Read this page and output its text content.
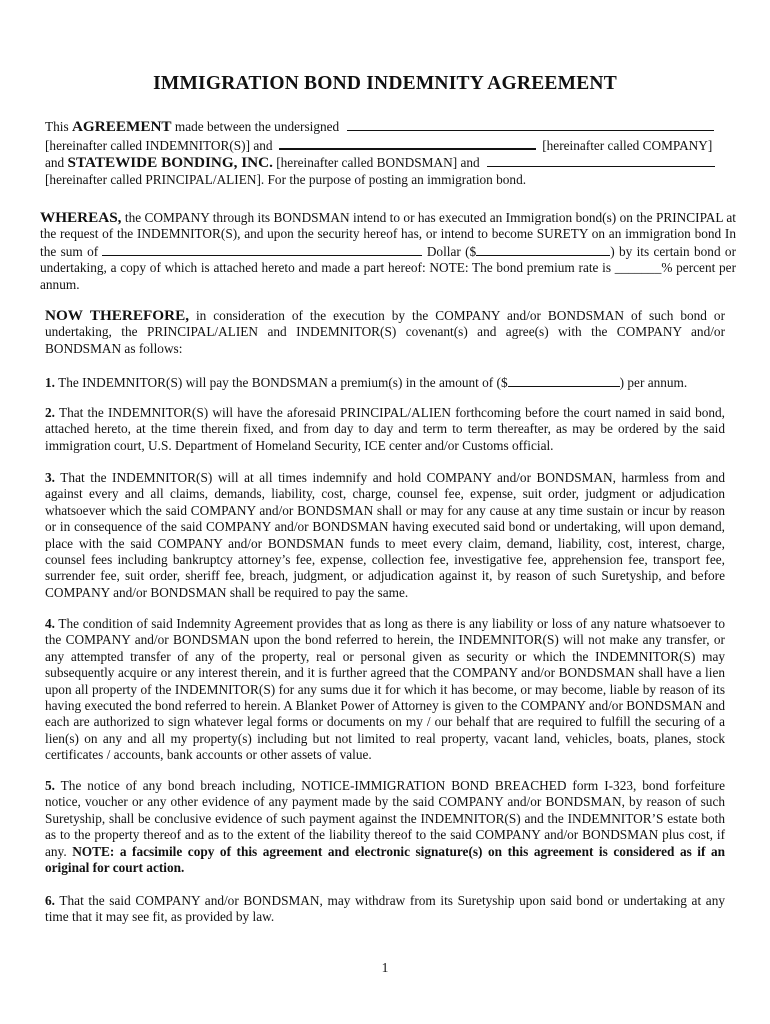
IMMIGRATION BOND INDEMNITY AGREEMENT
This AGREEMENT made between the undersigned
[hereinafter called INDEMNITOR(S)] and	[hereinafter called COMPANY]
and STATEWIDE BONDING, INC. [hereinafter called BONDSMAN] and
[hereinafter called PRINCIPAL/ALIEN]. For the purpose of posting an immigration bond.
WHEREAS, the COMPANY through its BONDSMAN intend to or has executed an Immigration bond(s) on the PRINCIPAL at the request of the INDEMNITOR(S), and upon the security hereof has, or intend to become SURETY on an immigration bond In the sum of	Dollar ($	) by its certain bond or undertaking, a copy of which is attached hereto and made a part hereof: NOTE: The bond premium rate is _______% percent per annum.
NOW THEREFORE, in consideration of the execution by the COMPANY and/or BONDSMAN of such bond or undertaking, the PRINCIPAL/ALIEN and INDEMNITOR(S) covenant(s) and agree(s) with the COMPANY and/or BONDSMAN as follows:
1. The INDEMNITOR(S) will pay the BONDSMAN a premium(s) in the amount of ($	) per annum.
2. That the INDEMNITOR(S) will have the aforesaid PRINCIPAL/ALIEN forthcoming before the court named in said bond, attached hereto, at the time therein fixed, and from day to day and term to term thereafter, as may be ordered by the said immigration court, U.S. Department of Homeland Security, ICE center and/or Customs official.
3. That the INDEMNITOR(S) will at all times indemnify and hold COMPANY and/or BONDSMAN, harmless from and against every and all claims, demands, liability, cost, charge, counsel fee, expense, suit order, judgment or adjudication whatsoever which the said COMPANY and/or BONDSMAN shall or may for any cause at any time sustain or incur by reason or in consequence of the said COMPANY and/or BONDSMAN having executed said bond or undertaking, will upon demand, place with the said COMPANY and/or BONDSMAN funds to meet every claim, demand, liability, cost, interest, charge, counsel fees including bankruptcy attorney’s fee, expense, collection fee, investigative fee, apprehension fee, transport fee, surrender fee, suit order, sheriff fee, breach, judgment, or adjudication against it, by reason of such Suretyship, and before COMPANY and/or BONDSMAN shall be required to pay the same.
4. The condition of said Indemnity Agreement provides that as long as there is any liability or loss of any nature whatsoever to the COMPANY and/or BONDSMAN upon the bond referred to herein, the INDEMNITOR(S) will not make any transfer, or any attempted transfer of any of the property, real or personal given as security or which the INDEMNITOR(S) may subsequently acquire or any interest therein, and it is further agreed that the COMPANY and/or BONDSMAN shall have a lien upon all property of the INDEMNITOR(S) for any sums due it for which it has become, or may become, liable by reason of its having executed the bond referred to herein. A Blanket Power of Attorney is given to the COMPANY and/or BONDSMAN and each are authorized to sign whatever legal forms or documents on my / our behalf that are required to fulfill the securing of a lien(s) on any and all my property(s) including but not limited to real property, vacant land, vehicles, boats, planes, stock certificates / accounts, bank accounts or other assets of value.
5. The notice of any bond breach including, NOTICE-IMMIGRATION BOND BREACHED form I-323, bond forfeiture notice, voucher or any other evidence of any payment made by the said COMPANY and/or BONDSMAN, by reason of such Suretyship, shall be conclusive evidence of such payment against the INDEMNITOR(S) and the INDEMNITOR’S estate both as to the property thereof and as to the extent of the liability thereof to the said COMPANY and/or BONDSMAN plus cost, if any. NOTE: a facsimile copy of this agreement and electronic signature(s) on this agreement is considered as if an original for court action.
6. That the said COMPANY and/or BONDSMAN, may withdraw from its Suretyship upon said bond or undertaking at any time that it may see fit, as provided by law.
1
